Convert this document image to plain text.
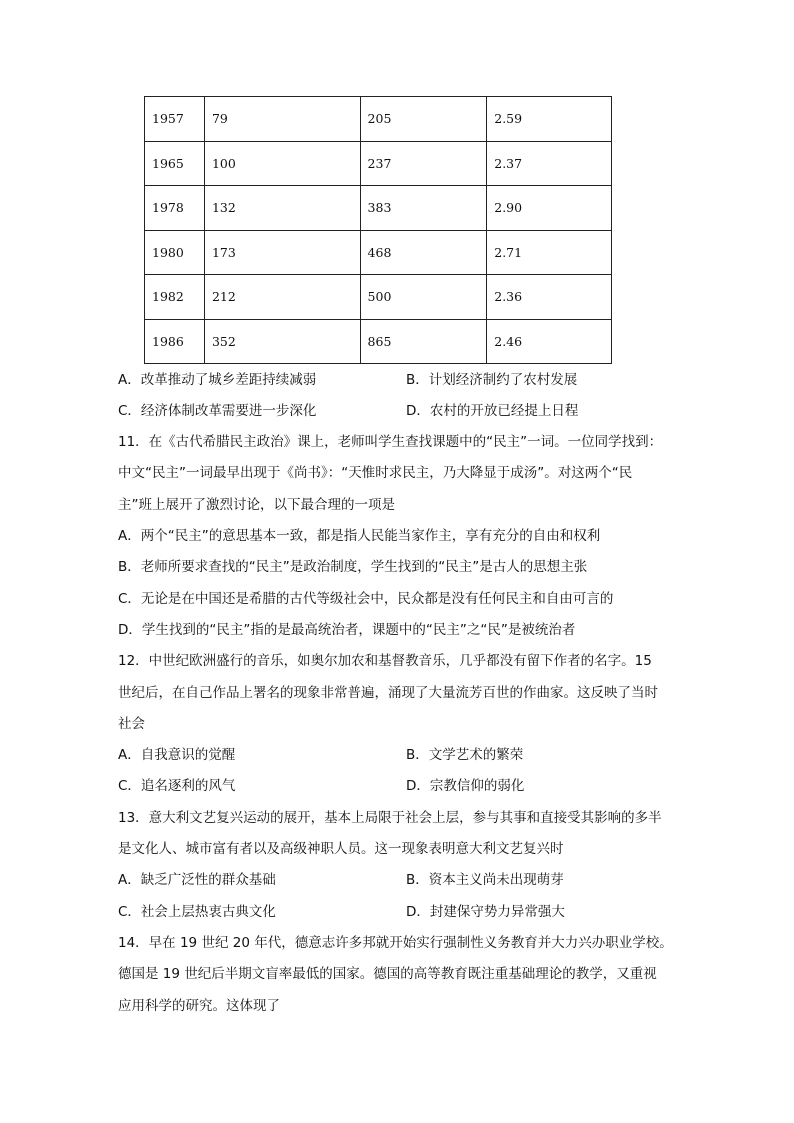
1957	79	205	2.59
1965	100	237	2.37
1978	132	383	2.90
1980	173	468	2.71
1982	212	500	2.36
1986	352	865	2.46
A．改革推动了城乡差距持续减弱	B．计划经济制约了农村发展
C．经济体制改革需要进一步深化	D．农村的开放已经提上日程
11．在《古代希腊民主政治》课上，老师叫学生查找课题中的“民主”一词。一位同学找到：
中文“民主”一词最早出现于《尚书》：“天惟时求民主，乃大降显于成汤”。对这两个“民
主”班上展开了激烈讨论，以下最合理的一项是
A．两个“民主”的意思基本一致，都是指人民能当家作主，享有充分的自由和权利
B．老师所要求查找的“民主”是政治制度，学生找到的“民主”是古人的思想主张
C．无论是在中国还是希腊的古代等级社会中，民众都是没有任何民主和自由可言的
D．学生找到的“民主”指的是最高统治者，课题中的“民主”之“民”是被统治者
12．中世纪欧洲盛行的音乐，如奥尔加农和基督教音乐，几乎都没有留下作者的名字。15
世纪后，在自己作品上署名的现象非常普遍，涌现了大量流芳百世的作曲家。这反映了当时
社会
A．自我意识的觉醒	B．文学艺术的繁荣
C．追名逐利的风气	D．宗教信仰的弱化
13．意大利文艺复兴运动的展开，基本上局限于社会上层，参与其事和直接受其影响的多半
是文化人、城市富有者以及高级神职人员。这一现象表明意大利文艺复兴时
A．缺乏广泛性的群众基础	B．资本主义尚未出现萌芽
C．社会上层热衷古典文化	D．封建保守势力异常强大
14．早在 19 世纪 20 年代，德意志许多邦就开始实行强制性义务教育并大力兴办职业学校。
德国是 19 世纪后半期文盲率最低的国家。德国的高等教育既注重基础理论的教学，又重视
应用科学的研究。这体现了
